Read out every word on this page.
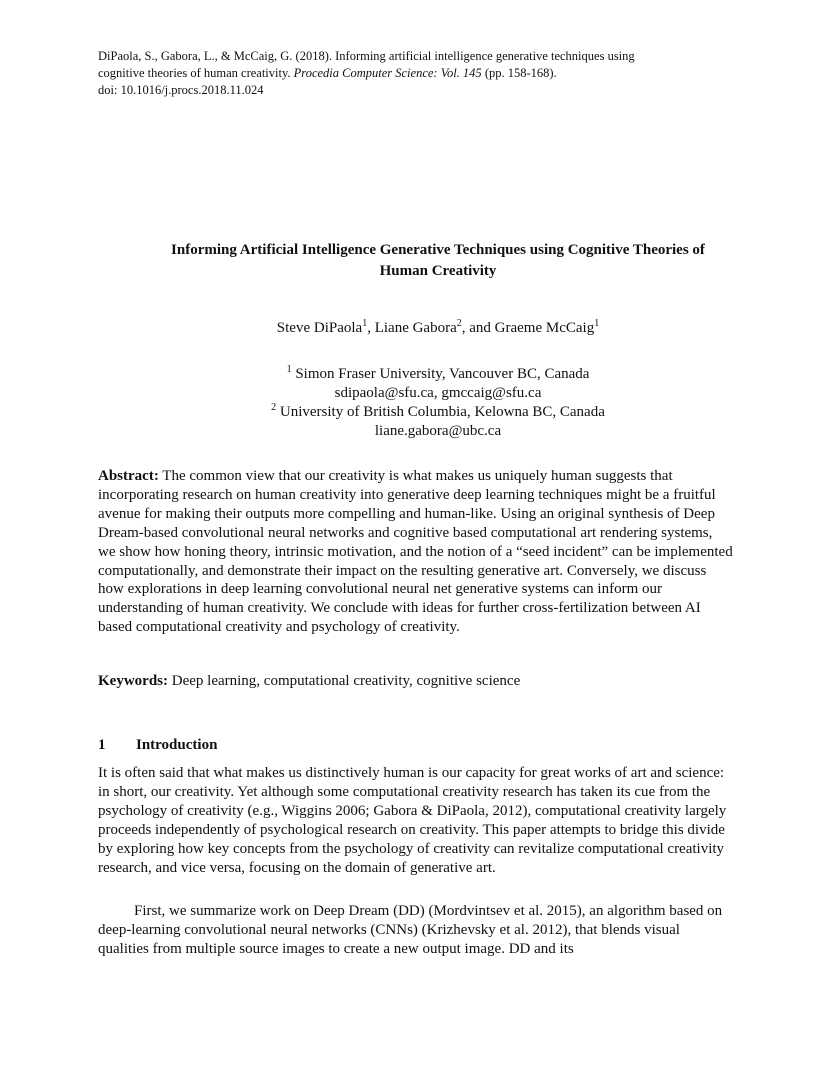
DiPaola, S., Gabora, L., & McCaig, G. (2018). Informing artificial intelligence generative techniques using
cognitive theories of human creativity. Procedia Computer Science: Vol. 145 (pp. 158-168).
doi: 10.1016/j.procs.2018.11.024
Informing Artificial Intelligence Generative Techniques using Cognitive Theories of
Human Creativity
Steve DiPaola$^1$, Liane Gabora$^2$, and Graeme McCaig$^1$
$^1$ Simon Fraser University, Vancouver BC, Canada
sdipaola@sfu.ca, gmccaig@sfu.ca
$^2$ University of British Columbia, Kelowna BC, Canada
liane.gabora@ubc.ca

Abstract: The common view that our creativity is what makes us uniquely human suggests that incorporating research on human creativity into generative deep learning techniques might be a fruitful avenue for making their outputs more compelling and human-like. Using an original synthesis of Deep Dream-based convolutional neural networks and cognitive based computational art rendering systems, we show how honing theory, intrinsic motivation, and the notion of a “seed incident” can be implemented computationally, and demonstrate their impact on the resulting generative art. Conversely, we discuss how explorations in deep learning convolutional neural net generative systems can inform our understanding of human creativity. We conclude with ideas for further cross-fertilization between AI based computational creativity and psychology of creativity.

Keywords: Deep learning, computational creativity, cognitive science

1 Introduction

It is often said that what makes us distinctively human is our capacity for great works of art and science: in short, our creativity. Yet although some computational creativity research has taken its cue from the psychology of creativity (e.g., Wiggins 2006; Gabora & DiPaola, 2012), computational creativity largely proceeds independently of psychological research on creativity. This paper attempts to bridge this divide by exploring how key concepts from the psychology of creativity can revitalize computational creativity research, and vice versa, focusing on the domain of generative art.

First, we summarize work on Deep Dream (DD) (Mordvintsev et al. 2015), an algorithm based on deep-learning convolutional neural networks (CNNs) (Krizhevsky et al. 2012), that blends visual qualities from multiple source images to create a new output image. DD and its
